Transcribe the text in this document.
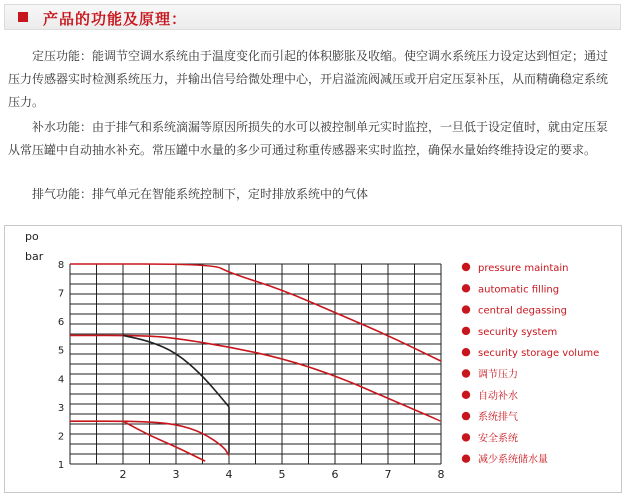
产品的功能及原理：

定压功能：能调节空调水系统由于温度变化而引起的体积膨胀及收缩。使空调水系统压力设定达到恒定；通过压力传感器实时检测系统压力，并输出信号给微处理中心，开启溢流阀减压或开启定压泵补压，从而精确稳定系统压力。

补水功能：由于排气和系统滴漏等原因所损失的水可以被控制单元实时监控，一旦低于设定值时，就由定压泵从常压罐中自动抽水补充。常压罐中水量的多少可通过称重传感器来实时监控，确保水量始终维持设定的要求。

排气功能：排气单元在智能系统控制下，定时排放系统中的气体

po
bar
1
2
3
4
5
6
7
8
2	3	4	5	6	7	8
pressure maintain
automatic filling
central degassing
security system
security storage volume
调节压力
自动补水
系统排气
安全系统
减少系统储水量
